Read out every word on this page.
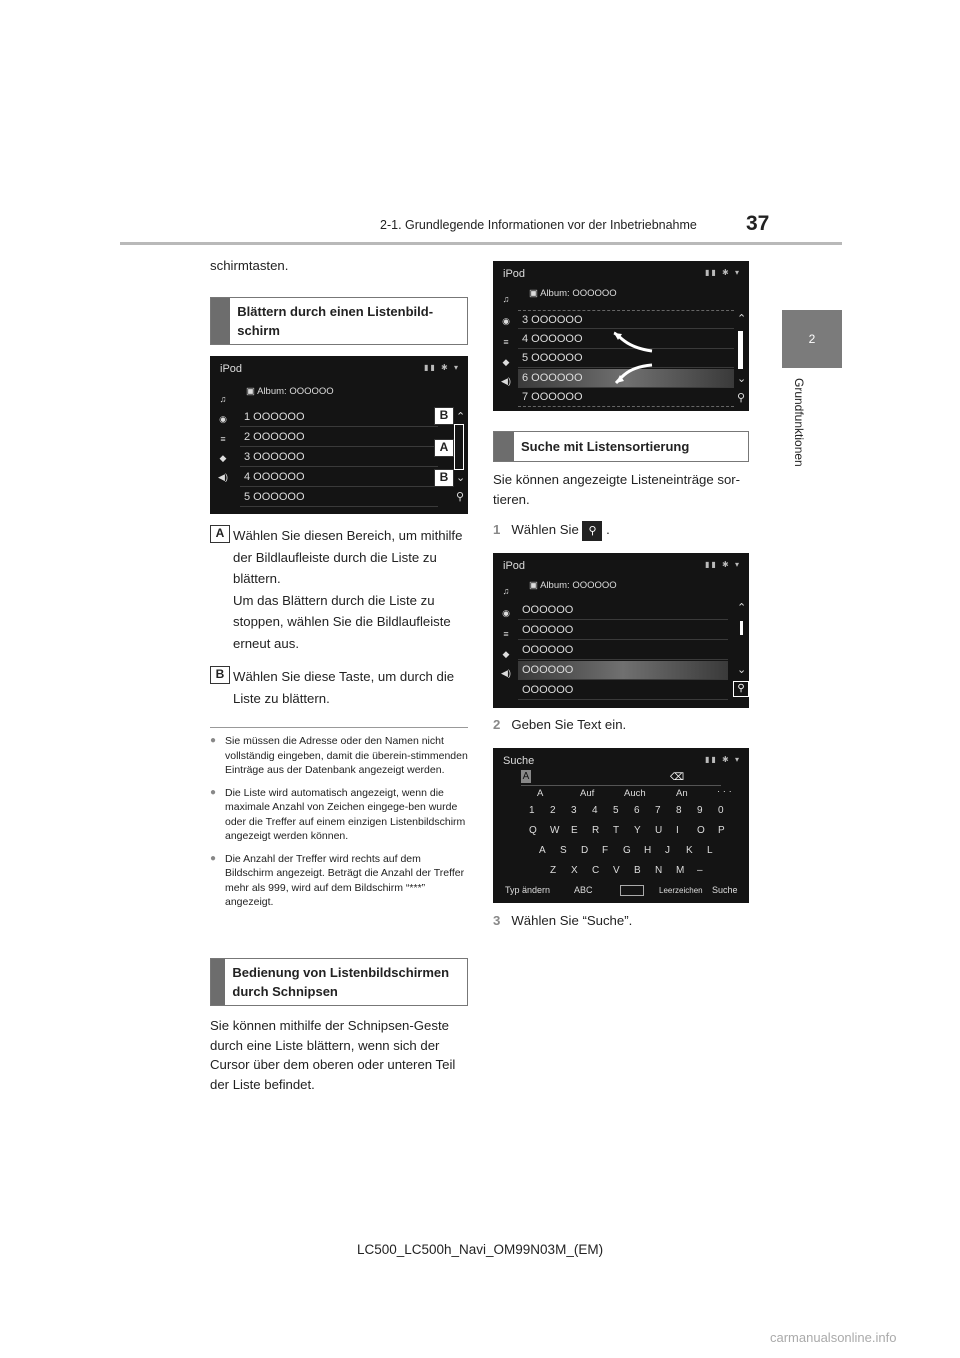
2-1. Grundlegende Informationen vor der Inbetriebnahme 37
2
Grundfunktionen
schirmtasten.
Blättern durch einen Listenbild-schirm
iPod	▮▮ ✱ ▾
▣ Album: OOOOOO
♫
◉
≡
◆
◀)
1 OOOOOO
2 OOOOOO
3 OOOOOO
4 OOOOOO
5 OOOOOO
⌃
⌄
⚲
B
A
B
A Wählen Sie diesen Bereich, um mithilfe der Bildlaufleiste durch die Liste zu blättern.
Um das Blättern durch die Liste zu stoppen, wählen Sie die Bildlaufleiste erneut aus.
B Wählen Sie diese Taste, um durch die Liste zu blättern.
● Sie müssen die Adresse oder den Namen nicht vollständig eingeben, damit die überein-stimmenden Einträge aus der Datenbank angezeigt werden.
● Die Liste wird automatisch angezeigt, wenn die maximale Anzahl von Zeichen eingege-ben wurde oder die Treffer auf einem einzigen Listenbildschirm angezeigt werden können.
● Die Anzahl der Treffer wird rechts auf dem Bildschirm angezeigt. Beträgt die Anzahl der Treffer mehr als 999, wird auf dem Bildschirm “***” angezeigt.
Bedienung von Listenbildschirmen durch Schnipsen
Sie können mithilfe der Schnipsen-Geste durch eine Liste blättern, wenn sich der Cursor über dem oberen oder unteren Teil der Liste befindet.
iPod	▮▮ ✱ ▾
▣ Album: OOOOOO
♫
◉
≡
◆
◀)
3 OOOOOO
4 OOOOOO
5 OOOOOO
6 OOOOOO
7 OOOOOO
⌃
⌄
⚲
Suche mit Listensortierung
Sie können angezeigte Listeneinträge sor-tieren.
1 Wählen Sie ⚲ .
iPod	▮▮ ✱ ▾
▣ Album: OOOOOO
♫
◉
≡
◆
◀)
OOOOOO
OOOOOO
OOOOOO
OOOOOO
OOOOOO
⌃
⌄
⚲
2 Geben Sie Text ein.
Suche	▮▮ ✱ ▾
A	⌫
A	Auf	Auch	An	· · ·
Typ ändern	ABC	Leerzeichen Suche
1 2 3 4 5 6 7 8 9 0
Q W E R T Y U I O P
A S D F G H J K L
Z X C V B N M –
3 Wählen Sie “Suche”.
LC500_LC500h_Navi_OM99N03M_(EM)
carmanualsonline.info
